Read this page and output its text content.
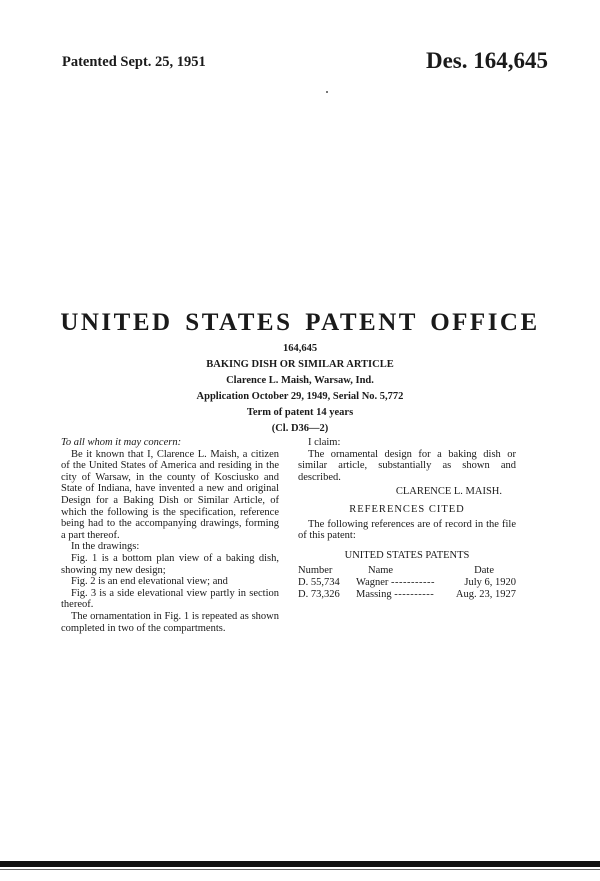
Patented Sept. 25, 1951	Des. 164,645
UNITED STATES PATENT OFFICE
164,645
BAKING DISH OR SIMILAR ARTICLE
Clarence L. Maish, Warsaw, Ind.
Application October 29, 1949, Serial No. 5,772
Term of patent 14 years
(Cl. D36—2)

To all whom it may concern:

Be it known that I, Clarence L. Maish, a citizen of the United States of America and residing in the city of Warsaw, in the county of Kosciusko and State of Indiana, have invented a new and original Design for a Baking Dish or Similar Article, of which the following is the specification, reference being had to the accompanying drawings, forming a part thereof.

In the drawings:

Fig. 1 is a bottom plan view of a baking dish, showing my new design;

Fig. 2 is an end elevational view; and

Fig. 3 is a side elevational view partly in section thereof.

The ornamentation in Fig. 1 is repeated as shown completed in two of the compartments.

I claim:

The ornamental design for a baking dish or similar article, substantially as shown and described.

CLARENCE L. MAISH.

REFERENCES CITED

The following references are of record in the file of this patent:

UNITED STATES PATENTS

Number	Name	Date
D. 55,734	Wagner -----------	July 6, 1920
D. 73,326	Massing ----------	Aug. 23, 1927
